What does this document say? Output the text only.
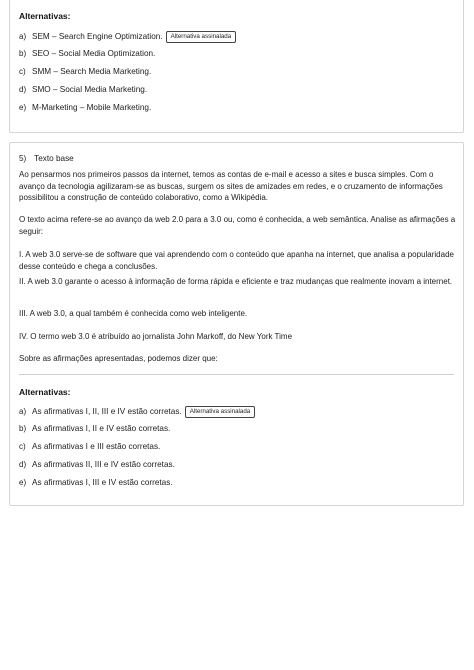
Alternativas:
a) SEM – Search Engine Optimization. Alternativa assinalada
b) SEO – Social Media Optimization.
c) SMM – Search Media Marketing.
d) SMO – Social Media Marketing.
e) M-Marketing – Mobile Marketing.
5) Texto base

Ao pensarmos nos primeiros passos da internet, temos as contas de e-mail e acesso a sites e busca simples. Com o avanço da tecnologia agilizaram-se as buscas, surgem os sites de amizades em redes, e o cruzamento de informações possibilitou a construção de conteúdo colaborativo, como a Wikipédia.

O texto acima refere-se ao avanço da web 2.0 para a 3.0 ou, como é conhecida, a web semântica. Analise as afirmações a seguir:

I. A web 3.0 serve-se de software que vai aprendendo com o conteúdo que apanha na internet, que analisa a popularidade desse conteúdo e chega a conclusões.

II. A web 3.0 garante o acesso à informação de forma rápida e eficiente e traz mudanças que realmente inovam a internet.

III. A web 3.0, a qual também é conhecida como web inteligente.

IV. O termo web 3.0 é atribuído ao jornalista John Markoff, do New York Time

Sobre as afirmações apresentadas, podemos dizer que:

Alternativas:
a) As afirmativas I, II, III e IV estão corretas. Alternativa assinalada
b) As afirmativas I, II e IV estão corretas.
c) As afirmativas I e III estão corretas.
d) As afirmativas II, III e IV estão corretas.
e) As afirmativas I, III e IV estão corretas.
